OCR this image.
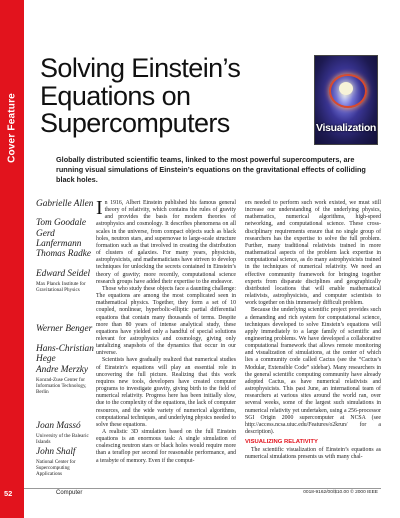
Cover Feature
Solving Einstein’s
Equations on
Supercomputers	Visualization

Globally distributed scientific teams, linked to the most powerful supercomputers, are running visual simulations of Einstein’s equations on the gravitational effects of colliding black holes.

Gabrielle Allen
Tom Goodale
Gerd Lanfermann
Thomas Radke
Edward Seidel
Max Planck Institute for Gravitational Physics
Werner Benger
Hans-Christian Hege
Andre Merzky
Konrad-Zuse Center for Information Technology, Berlin
Joan Massó
University of the Balearic Islands
John Shalf
National Center for Supercomputing Applications

In 1916, Albert Einstein published his famous general theory of relativity, which contains the rules of gravity and provides the basis for modern theories of astrophysics and cosmology. It describes phenomena on all scales in the universe, from compact objects such as black holes, neutron stars, and supernovae to large-scale structure formation such as that involved in creating the distribution of clusters of galaxies. For many years, physicists, astrophysicists, and mathematicians have striven to develop techniques for unlocking the secrets contained in Einstein’s theory of gravity; more recently, computational science research groups have added their expertise to the endeavor.

Those who study these objects face a daunting challenge: The equations are among the most complicated seen in mathematical physics. Together, they form a set of 10 coupled, nonlinear, hyperbolic-elliptic partial differential equations that contain many thousands of terms. Despite more than 80 years of intense analytical study, these equations have yielded only a handful of special solutions relevant for astrophysics and cosmology, giving only tantalizing snapshots of the dynamics that occur in our universe.

Scientists have gradually realized that numerical studies of Einstein’s equations will play an essential role in uncovering the full picture. Realizing that this work requires new tools, developers have created computer programs to investigate gravity, giving birth to the field of numerical relativity. Progress here has been initially slow, due to the complexity of the equations, the lack of computer resources, and the wide variety of numerical algorithms, computational techniques, and underlying physics needed to solve these equations.

A realistic 3D simulation based on the full Einstein equations is an enormous task: A single simulation of coalescing neutron stars or black holes would require more than a teraflop per second for reasonable performance, and a terabyte of memory. Even if the comput-

ers needed to perform such work existed, we must still increase our understanding of the underlying physics, mathematics, numerical algorithms, high-speed networking, and computational science. These cross-disciplinary requirements ensure that no single group of researchers has the expertise to solve the full problem. Further, many traditional relativists trained in more mathematical aspects of the problem lack expertise in computational science, as do many astrophysicists trained in the techniques of numerical relativity. We need an effective community framework for bringing together experts from disparate disciplines and geographically distributed locations that will enable mathematical relativists, astrophysicists, and computer scientists to work together on this immensely difficult problem.

Because the underlying scientific project provides such a demanding and rich system for computational science, techniques developed to solve Einstein’s equations will apply immediately to a large family of scientific and engineering problems. We have developed a collaborative computational framework that allows remote monitoring and visualization of simulations, at the center of which lies a community code called Cactus (see the “Cactus’s Modular, Extensible Code” sidebar). Many researchers in the general scientific computing community have already adopted Cactus, as have numerical relativists and astrophysicists. This past June, an international team of researchers at various sites around the world ran, over several weeks, some of the largest such simulations in numerical relativity yet undertaken, using a 256-processor SGI Origin 2000 supercomputer at NCSA (see http://access.ncsa.uiuc.edu/Features/o2krun/ for a description).

VISUALIZING RELATIVITY

The scientific visualization of Einstein’s equations as numerical simulations presents us with many chal-

52	Computer	0018-9162/00/$10.00 © 2000 IEEE
